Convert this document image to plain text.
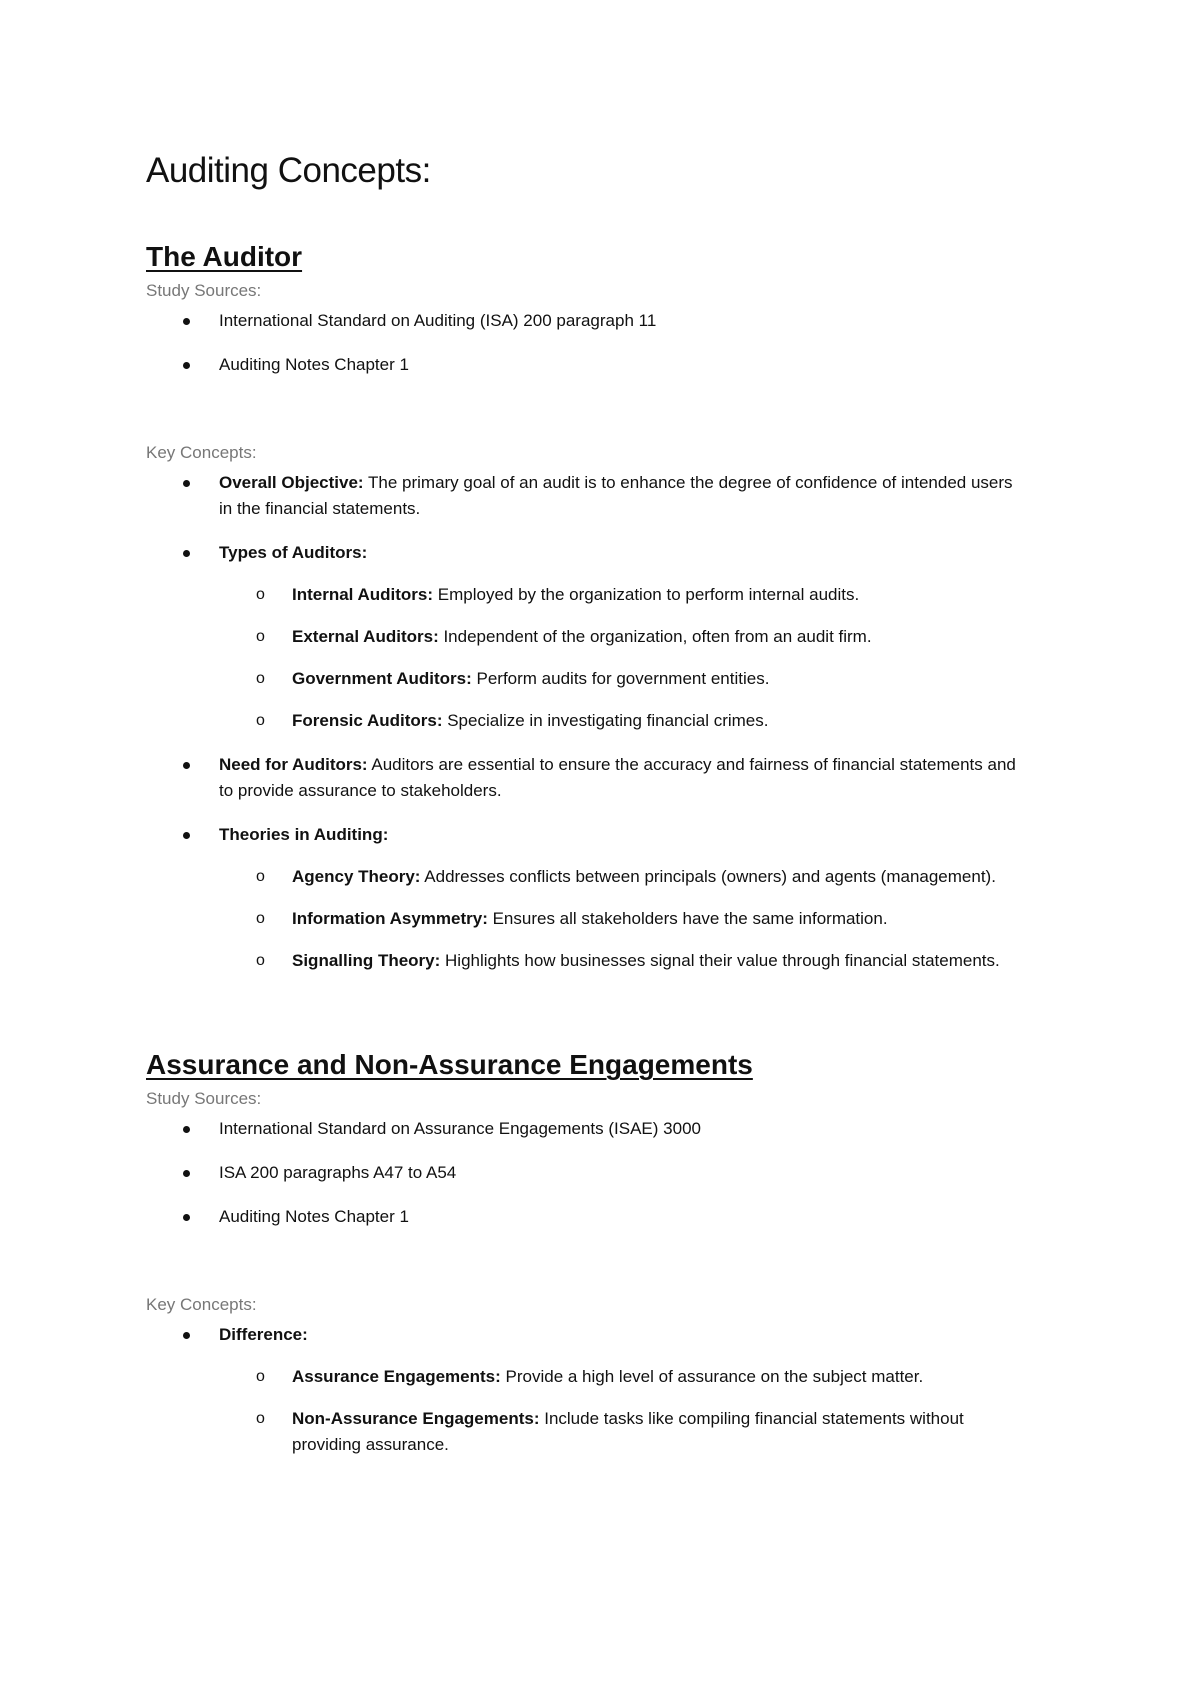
Auditing Concepts:
The Auditor
Study Sources:
International Standard on Auditing (ISA) 200 paragraph 11
Auditing Notes Chapter 1
Key Concepts:
Overall Objective: The primary goal of an audit is to enhance the degree of confidence of intended users in the financial statements.
Types of Auditors:
o Internal Auditors: Employed by the organization to perform internal audits.
o External Auditors: Independent of the organization, often from an audit firm.
o Government Auditors: Perform audits for government entities.
o Forensic Auditors: Specialize in investigating financial crimes.
Need for Auditors: Auditors are essential to ensure the accuracy and fairness of financial statements and to provide assurance to stakeholders.
Theories in Auditing:
o Agency Theory: Addresses conflicts between principals (owners) and agents (management).
o Information Asymmetry: Ensures all stakeholders have the same information.
o Signalling Theory: Highlights how businesses signal their value through financial statements.
Assurance and Non-Assurance Engagements
Study Sources:
International Standard on Assurance Engagements (ISAE) 3000
ISA 200 paragraphs A47 to A54
Auditing Notes Chapter 1
Key Concepts:
Difference:
o Assurance Engagements: Provide a high level of assurance on the subject matter.
o Non-Assurance Engagements: Include tasks like compiling financial statements without providing assurance.
